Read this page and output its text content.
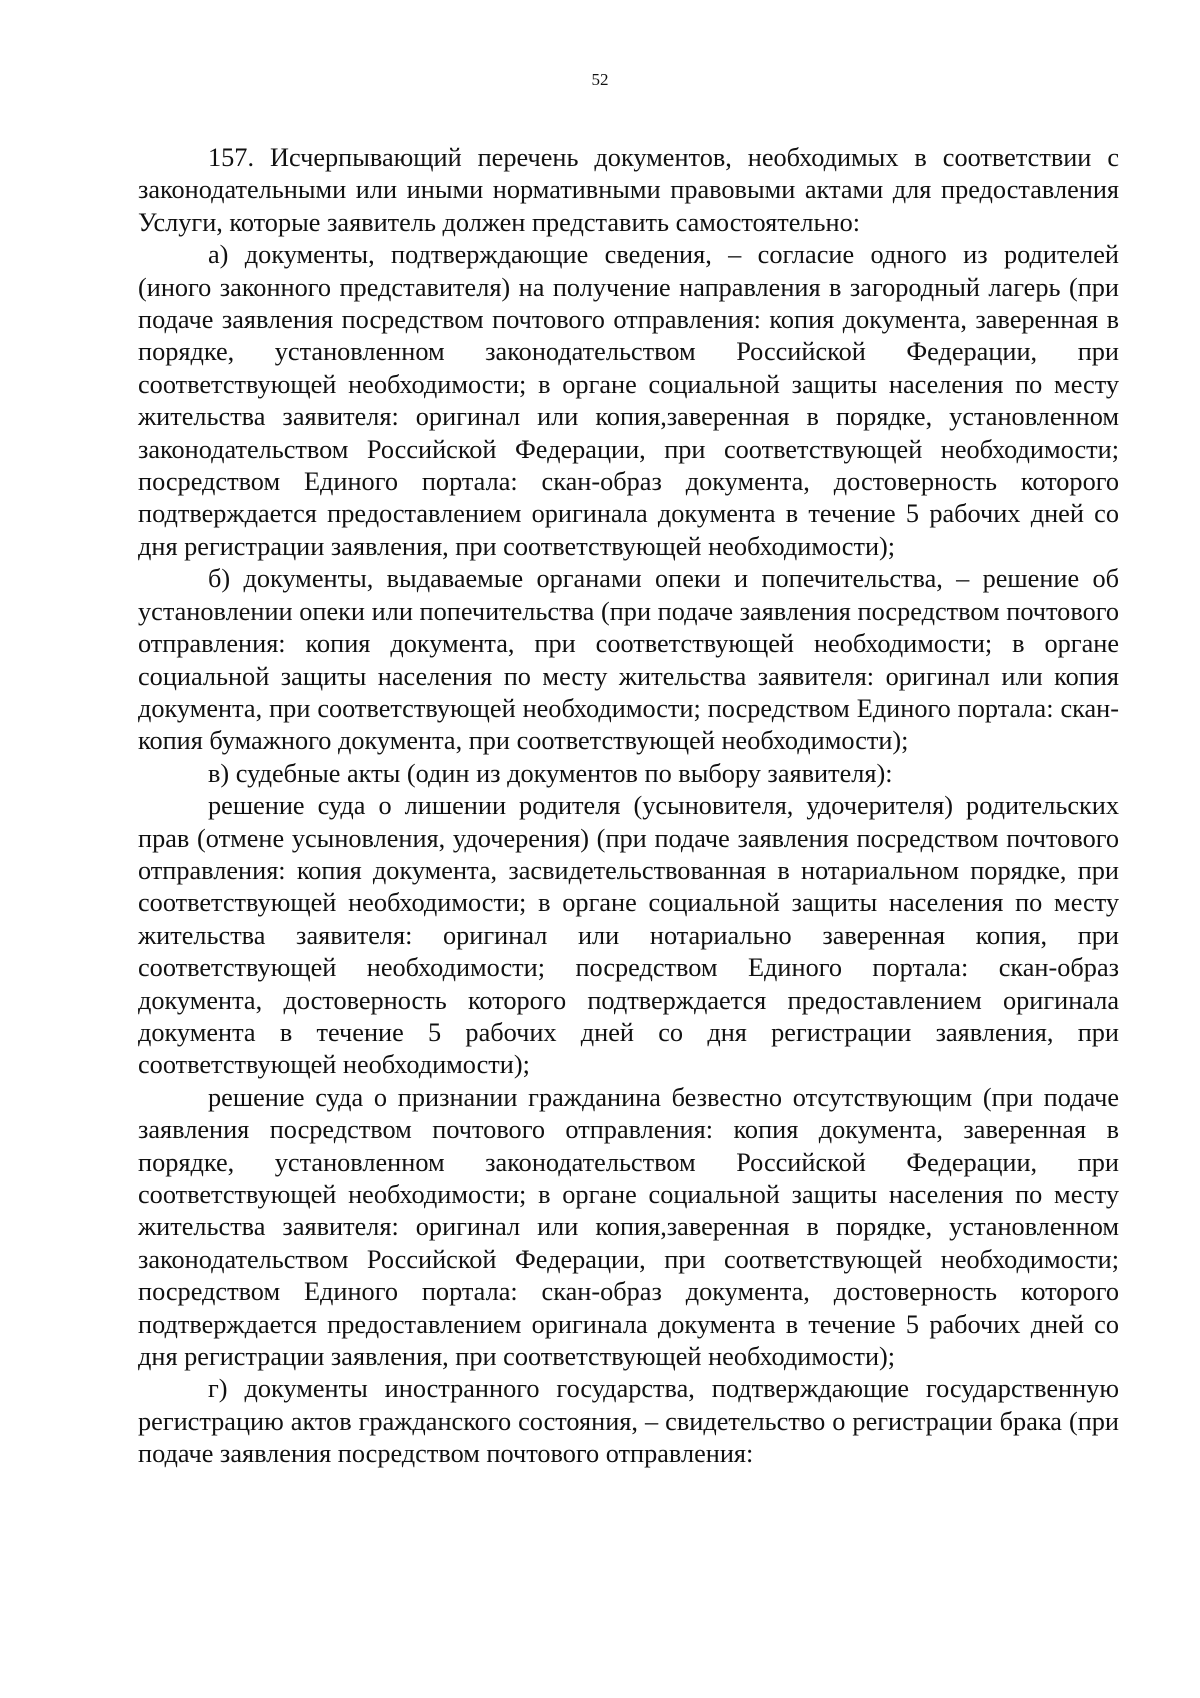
52

157. Исчерпывающий перечень документов, необходимых в соответствии с законодательными или иными нормативными правовыми актами для предоставления Услуги, которые заявитель должен представить самостоятельно:

а) документы, подтверждающие сведения, – согласие одного из родителей (иного законного представителя) на получение направления в загородный лагерь (при подаче заявления посредством почтового отправления: копия документа, заверенная в порядке, установленном законодательством Российской Федерации, при соответствующей необходимости; в органе социальной защиты населения по месту жительства заявителя: оригинал или копия,заверенная в порядке, установленном законодательством Российской Федерации, при соответствующей необходимости; посредством Единого портала: скан-образ документа, достоверность которого подтверждается предоставлением оригинала документа в течение 5 рабочих дней со дня регистрации заявления, при соответствующей необходимости);

б) документы, выдаваемые органами опеки и попечительства, – решение об установлении опеки или попечительства (при подаче заявления посредством почтового отправления: копия документа, при соответствующей необходимости; в органе социальной защиты населения по месту жительства заявителя: оригинал или копия документа, при соответствующей необходимости; посредством Единого портала: скан-копия бумажного документа, при соответствующей необходимости);

в) судебные акты (один из документов по выбору заявителя):

решение суда о лишении родителя (усыновителя, удочерителя) родительских прав (отмене усыновления, удочерения) (при подаче заявления посредством почтового отправления: копия документа, засвидетельствованная в нотариальном порядке, при соответствующей необходимости; в органе социальной защиты населения по месту жительства заявителя: оригинал или нотариально заверенная копия, при соответствующей необходимости; посредством Единого портала: скан-образ документа, достоверность которого подтверждается предоставлением оригинала документа в течение 5 рабочих дней со дня регистрации заявления, при соответствующей необходимости);

решение суда о признании гражданина безвестно отсутствующим (при подаче заявления посредством почтового отправления: копия документа, заверенная в порядке, установленном законодательством Российской Федерации, при соответствующей необходимости; в органе социальной защиты населения по месту жительства заявителя: оригинал или копия,заверенная в порядке, установленном законодательством Российской Федерации, при соответствующей необходимости; посредством Единого портала: скан-образ документа, достоверность которого подтверждается предоставлением оригинала документа в течение 5 рабочих дней со дня регистрации заявления, при соответствующей необходимости);

г) документы иностранного государства, подтверждающие государственную регистрацию актов гражданского состояния, – свидетельство о регистрации брака (при подаче заявления посредством почтового отправления:
